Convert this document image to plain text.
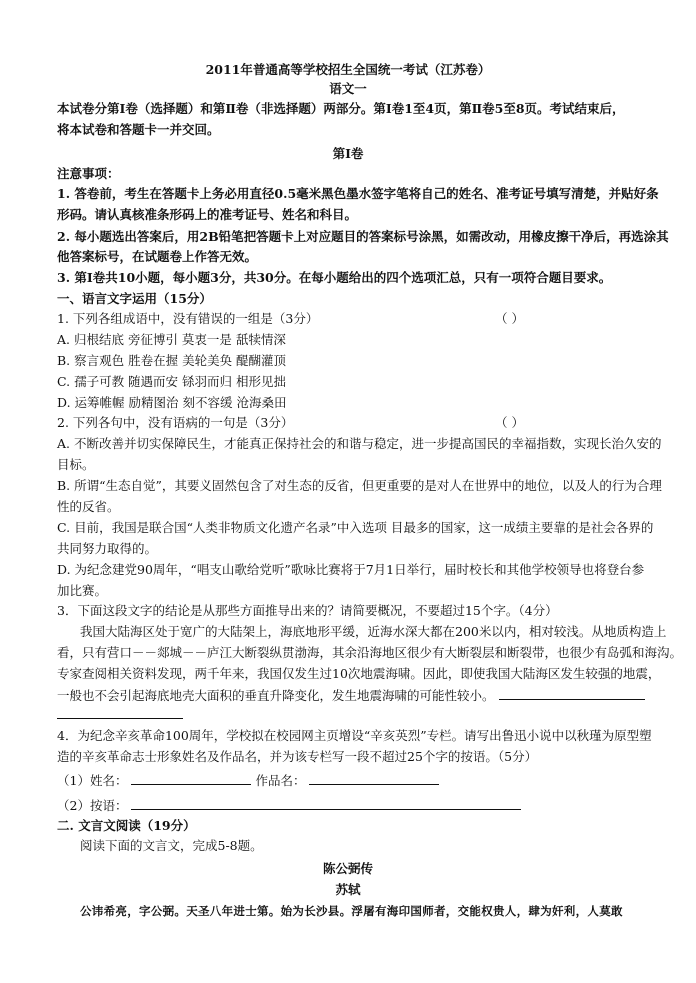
2011年普通高等学校招生全国统一考试（江苏卷）
语文一
本试卷分第Ⅰ卷（选择题）和第Ⅱ卷（非选择题）两部分。第Ⅰ卷1至4页，第Ⅱ卷5至8页。考试结束后，
将本试卷和答题卡一并交回。
第Ⅰ卷
注意事项：
1. 答卷前，考生在答题卡上务必用直径0.5毫米黑色墨水签字笔将自己的姓名、准考证号填写清楚，并贴好条
形码。请认真核准条形码上的准考证号、姓名和科目。
2. 每小题选出答案后，用2B铅笔把答题卡上对应题目的答案标号涂黑，如需改动，用橡皮擦干净后，再选涂其
他答案标号，在试题卷上作答无效。
3. 第Ⅰ卷共10小题，每小题3分，共30分。在每小题给出的四个选项汇总，只有一项符合题目要求。
一、语言文字运用（15分）
1. 下列各组成语中，没有错误的一组是（3分）	（ ）
A. 归根结底 旁征博引 莫衷一是 舐犊情深
B. 察言观色 胜卷在握 美轮美奂 醍醐灌顶
C. 孺子可教 随遇而安 铩羽而归 相形见拙
D. 运筹帷幄 励精图治 刻不容缓 沧海桑田
2. 下列各句中，没有语病的一句是（3分）	（ ）
A. 不断改善并切实保障民生，才能真正保持社会的和谐与稳定，进一步提高国民的幸福指数，实现长治久安的
目标。
B. 所谓“生态自觉”，其要义固然包含了对生态的反省，但更重要的是对人在世界中的地位，以及人的行为合理
性的反省。
C. 目前，我国是联合国“人类非物质文化遗产名录”中入选项 目最多的国家，这一成绩主要靠的是社会各界的
共同努力取得的。
D. 为纪念建党90周年，“唱支山歌给党听”歌咏比赛将于7月1日举行，届时校长和其他学校领导也将登台参
加比赛。
3．下面这段文字的结论是从那些方面推导出来的？请简要概况，不要超过15个字。（4分）
我国大陆海区处于宽广的大陆架上，海底地形平缓，近海水深大都在200米以内，相对较浅。从地质构造上
看，只有营口－－郯城－－庐江大断裂纵贯渤海，其余沿海地区很少有大断裂层和断裂带，也很少有岛弧和海沟。
专家查阅相关资料发现，两千年来，我国仅发生过10次地震海啸。因此，即使我国大陆海区发生较强的地震，
一般也不会引起海底地壳大面积的垂直升降变化，发生地震海啸的可能性较小。
4．为纪念辛亥革命100周年，学校拟在校园网主页增设“辛亥英烈”专栏。请写出鲁迅小说中以秋瑾为原型塑
造的辛亥革命志士形象姓名及作品名，并为该专栏写一段不超过25个字的按语。（5分）
（1）姓名：	作品名：
（2）按语：
二. 文言文阅读（19分）
阅读下面的文言文，完成5-8题。
陈公弼传
苏轼
公讳希亮，字公弼。天圣八年进士第。始为长沙县。浮屠有海印国师者，交能权贵人，肆为奸利，人莫敢
